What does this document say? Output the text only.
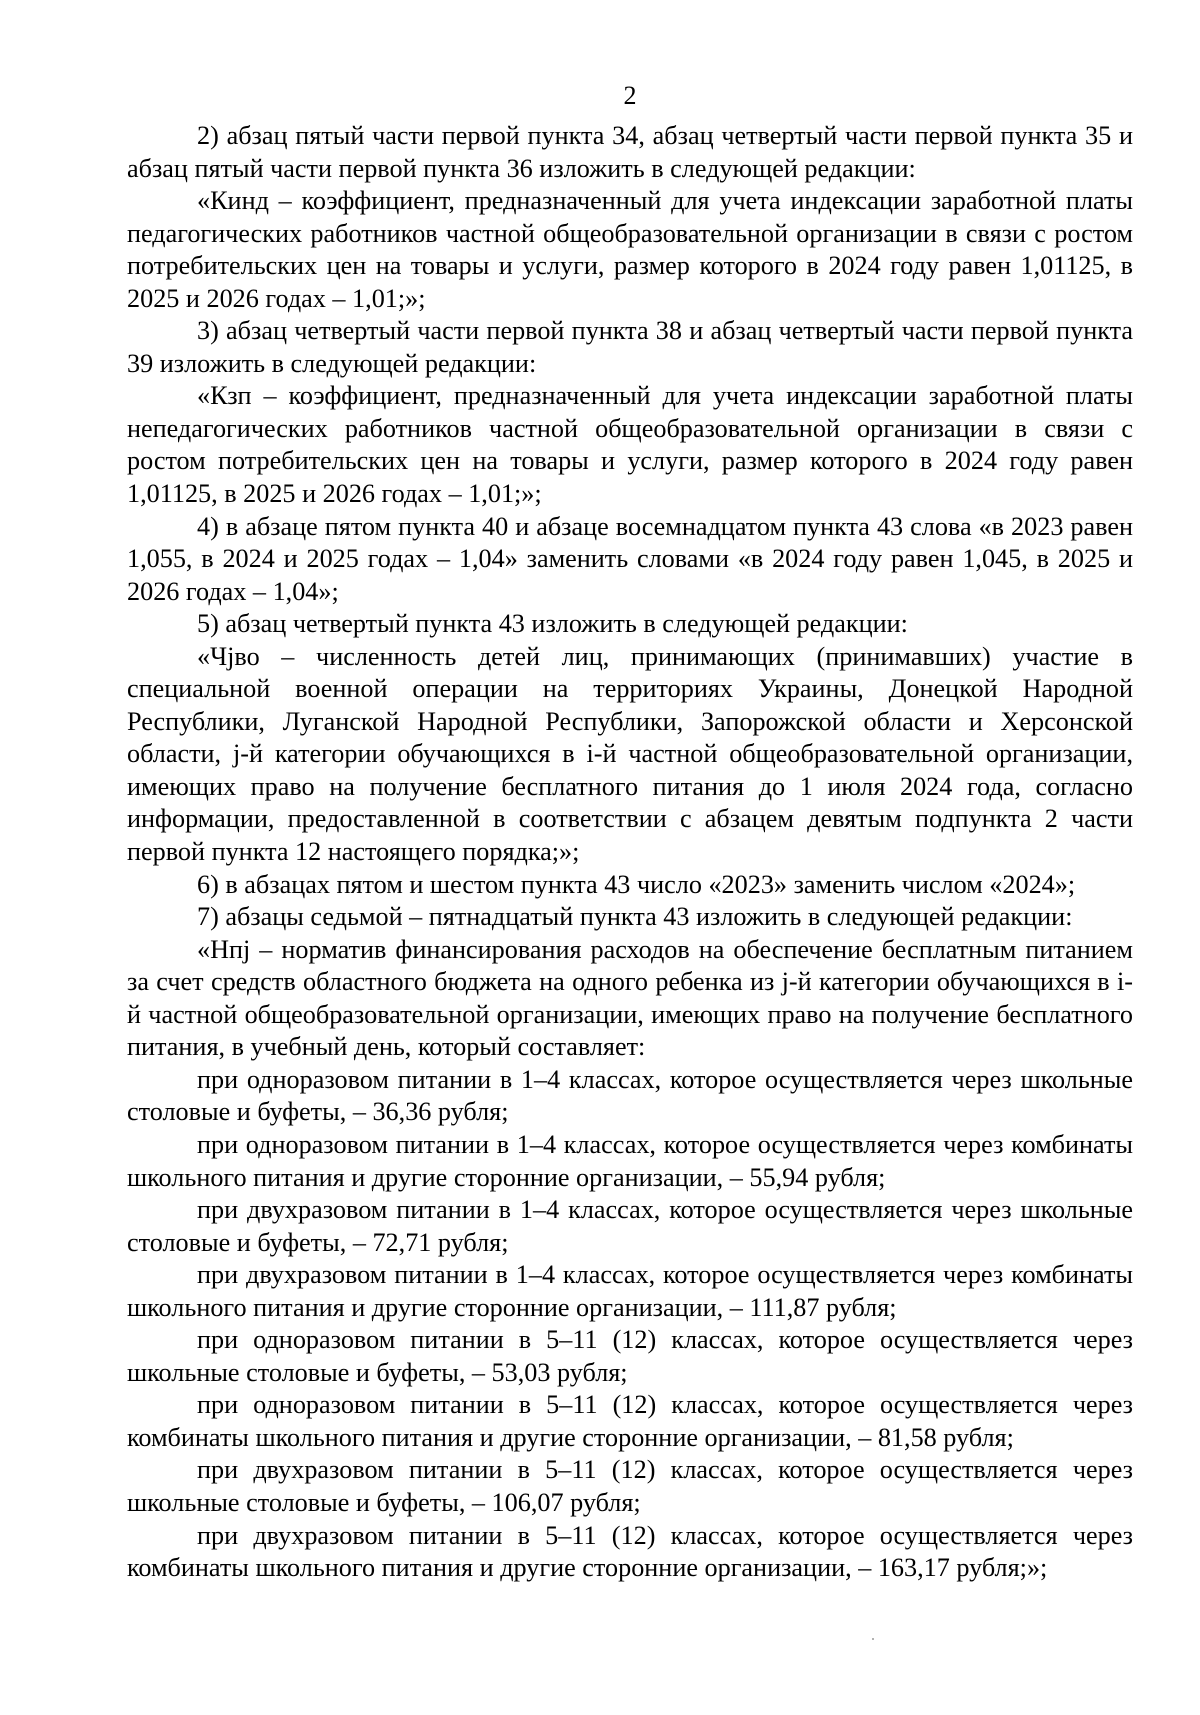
2

2) абзац пятый части первой пункта 34, абзац четвертый части первой пункта 35 и абзац пятый части первой пункта 36 изложить в следующей редакции:

«Кинд – коэффициент, предназначенный для учета индексации заработной платы педагогических работников частной общеобразовательной организации в связи с ростом потребительских цен на товары и услуги, размер которого в 2024 году равен 1,01125, в 2025 и 2026 годах – 1,01;»;

3) абзац четвертый части первой пункта 38 и абзац четвертый части первой пункта 39 изложить в следующей редакции:

«Кзп – коэффициент, предназначенный для учета индексации заработной платы непедагогических работников частной общеобразовательной организации в связи с ростом потребительских цен на товары и услуги, размер которого в 2024 году равен 1,01125, в 2025 и 2026 годах – 1,01;»;

4) в абзаце пятом пункта 40 и абзаце восемнадцатом пункта 43 слова «в 2023 равен 1,055, в 2024 и 2025 годах – 1,04» заменить словами «в 2024 году равен 1,045, в 2025 и 2026 годах – 1,04»;

5) абзац четвертый пункта 43 изложить в следующей редакции:

«Чjво – численность детей лиц, принимающих (принимавших) участие в специальной военной операции на территориях Украины, Донецкой Народной Республики, Луганской Народной Республики, Запорожской области и Херсонской области, j-й категории обучающихся в i-й частной общеобразовательной организации, имеющих право на получение бесплатного питания до 1 июля 2024 года, согласно информации, предоставленной в соответствии с абзацем девятым подпункта 2 части первой пункта 12 настоящего порядка;»;

6) в абзацах пятом и шестом пункта 43 число «2023» заменить числом «2024»;

7) абзацы седьмой – пятнадцатый пункта 43 изложить в следующей редакции:

«Нпj – норматив финансирования расходов на обеспечение бесплатным питанием за счет средств областного бюджета на одного ребенка из j-й категории обучающихся в i-й частной общеобразовательной организации, имеющих право на получение бесплатного питания, в учебный день, который составляет:

при одноразовом питании в 1–4 классах, которое осуществляется через школьные столовые и буфеты, – 36,36 рубля;

при одноразовом питании в 1–4 классах, которое осуществляется через комбинаты школьного питания и другие сторонние организации, – 55,94 рубля;

при двухразовом питании в 1–4 классах, которое осуществляется через школьные столовые и буфеты, – 72,71 рубля;

при двухразовом питании в 1–4 классах, которое осуществляется через комбинаты школьного питания и другие сторонние организации, – 111,87 рубля;

при одноразовом питании в 5–11 (12) классах, которое осуществляется через школьные столовые и буфеты, – 53,03 рубля;

при одноразовом питании в 5–11 (12) классах, которое осуществляется через комбинаты школьного питания и другие сторонние организации, – 81,58 рубля;

при двухразовом питании в 5–11 (12) классах, которое осуществляется через школьные столовые и буфеты, – 106,07 рубля;

при двухразовом питании в 5–11 (12) классах, которое осуществляется через комбинаты школьного питания и другие сторонние организации, – 163,17 рубля;»;
